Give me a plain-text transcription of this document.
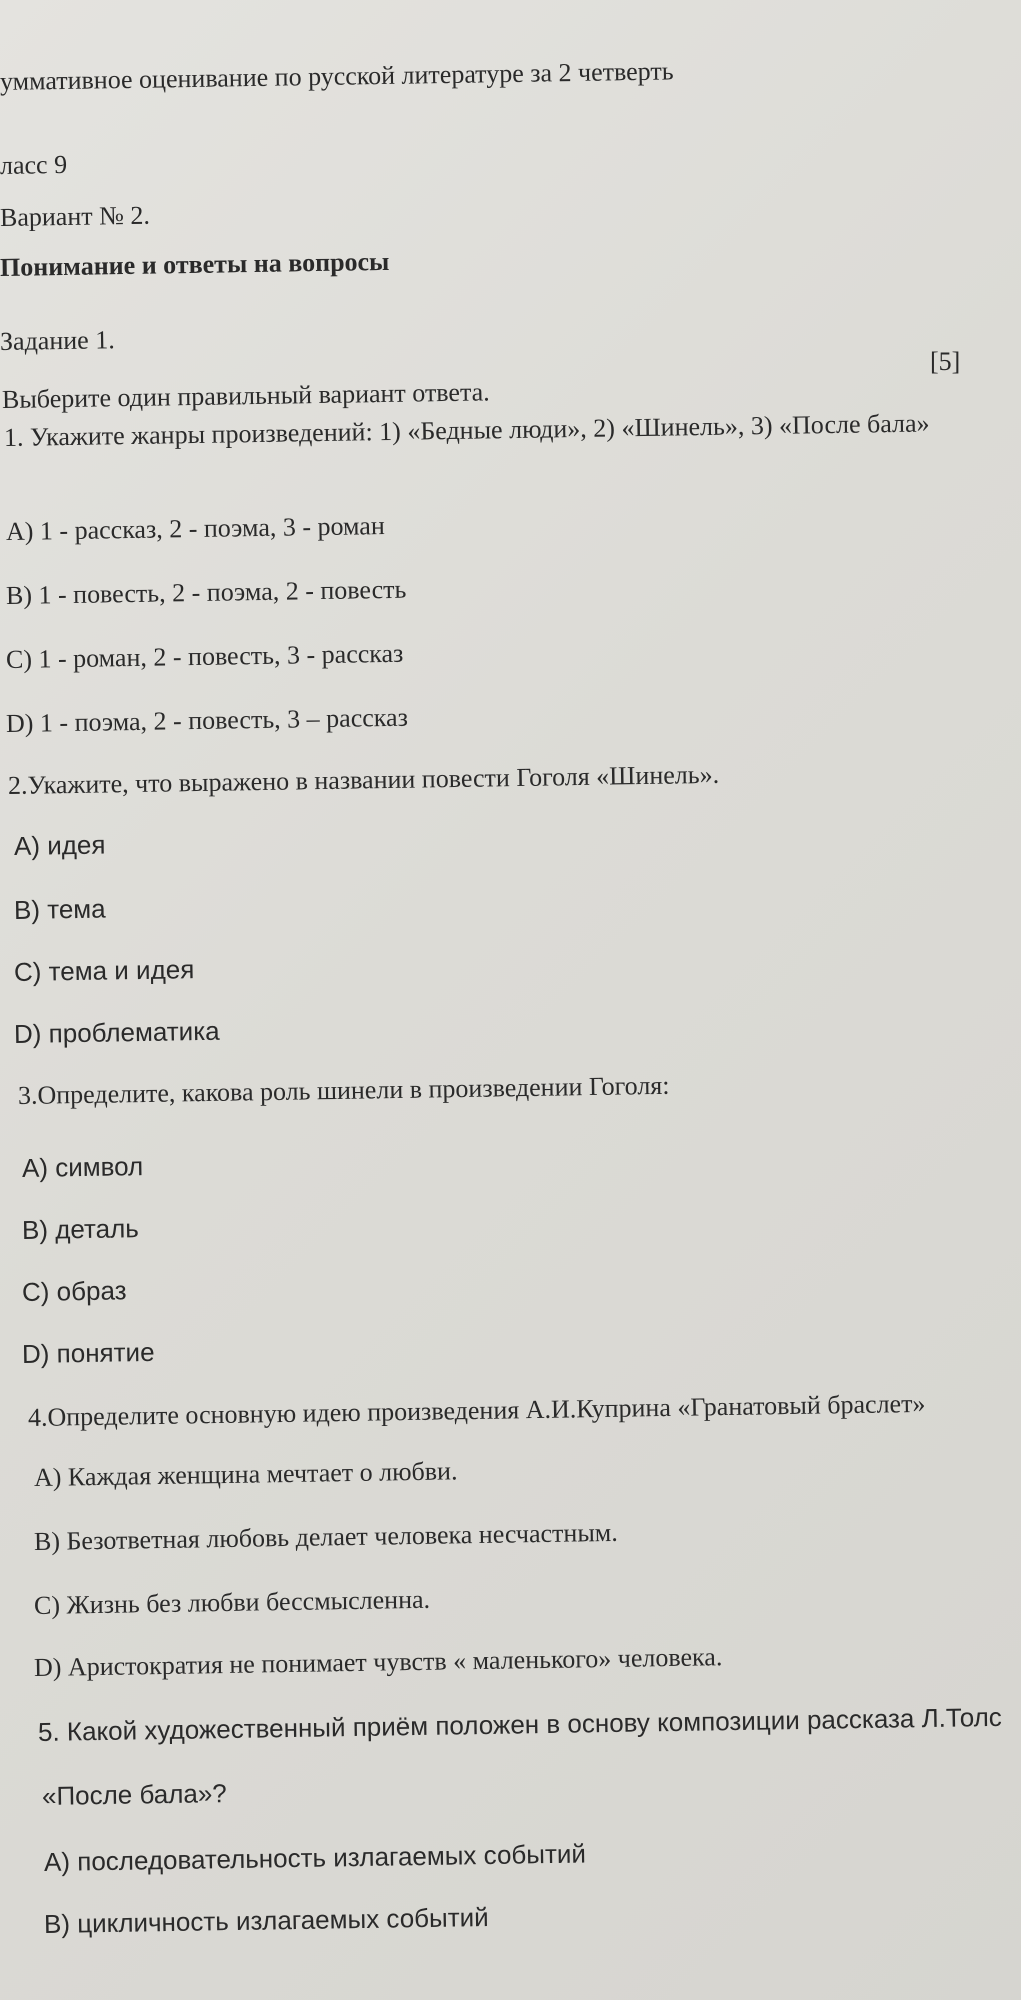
уммативное оценивание по русской литературе за 2 четверть
ласс 9
Вариант № 2.
Понимание и ответы на вопросы
Задание 1.
[5]
Выберите один правильный вариант ответа.
1. Укажите жанры произведений: 1) «Бедные люди», 2) «Шинель», 3) «После бала»
A) 1 - рассказ, 2 - поэма, 3 - роман
B) 1 - повесть, 2 - поэма, 2 - повесть
C) 1 - роман, 2 - повесть, 3 - рассказ
D) 1 - поэма, 2 - повесть, 3 – рассказ
2.Укажите, что выражено в названии повести Гоголя «Шинель».
A) идея
B) тема
C) тема и идея
D) проблематика
3.Определите, какова роль шинели в произведении Гоголя:
A) символ
B) деталь
C) образ
D) понятие
4.Определите основную идею произведения А.И.Куприна «Гранатовый браслет»
A) Каждая женщина мечтает о любви.
B) Безответная любовь делает человека несчастным.
C) Жизнь без любви бессмысленна.
D) Аристократия не понимает чувств « маленького» человека.
5. Какой художественный приём положен в основу композиции рассказа Л.Толс
«После бала»?
A) последовательность излагаемых событий
B) цикличность излагаемых событий
